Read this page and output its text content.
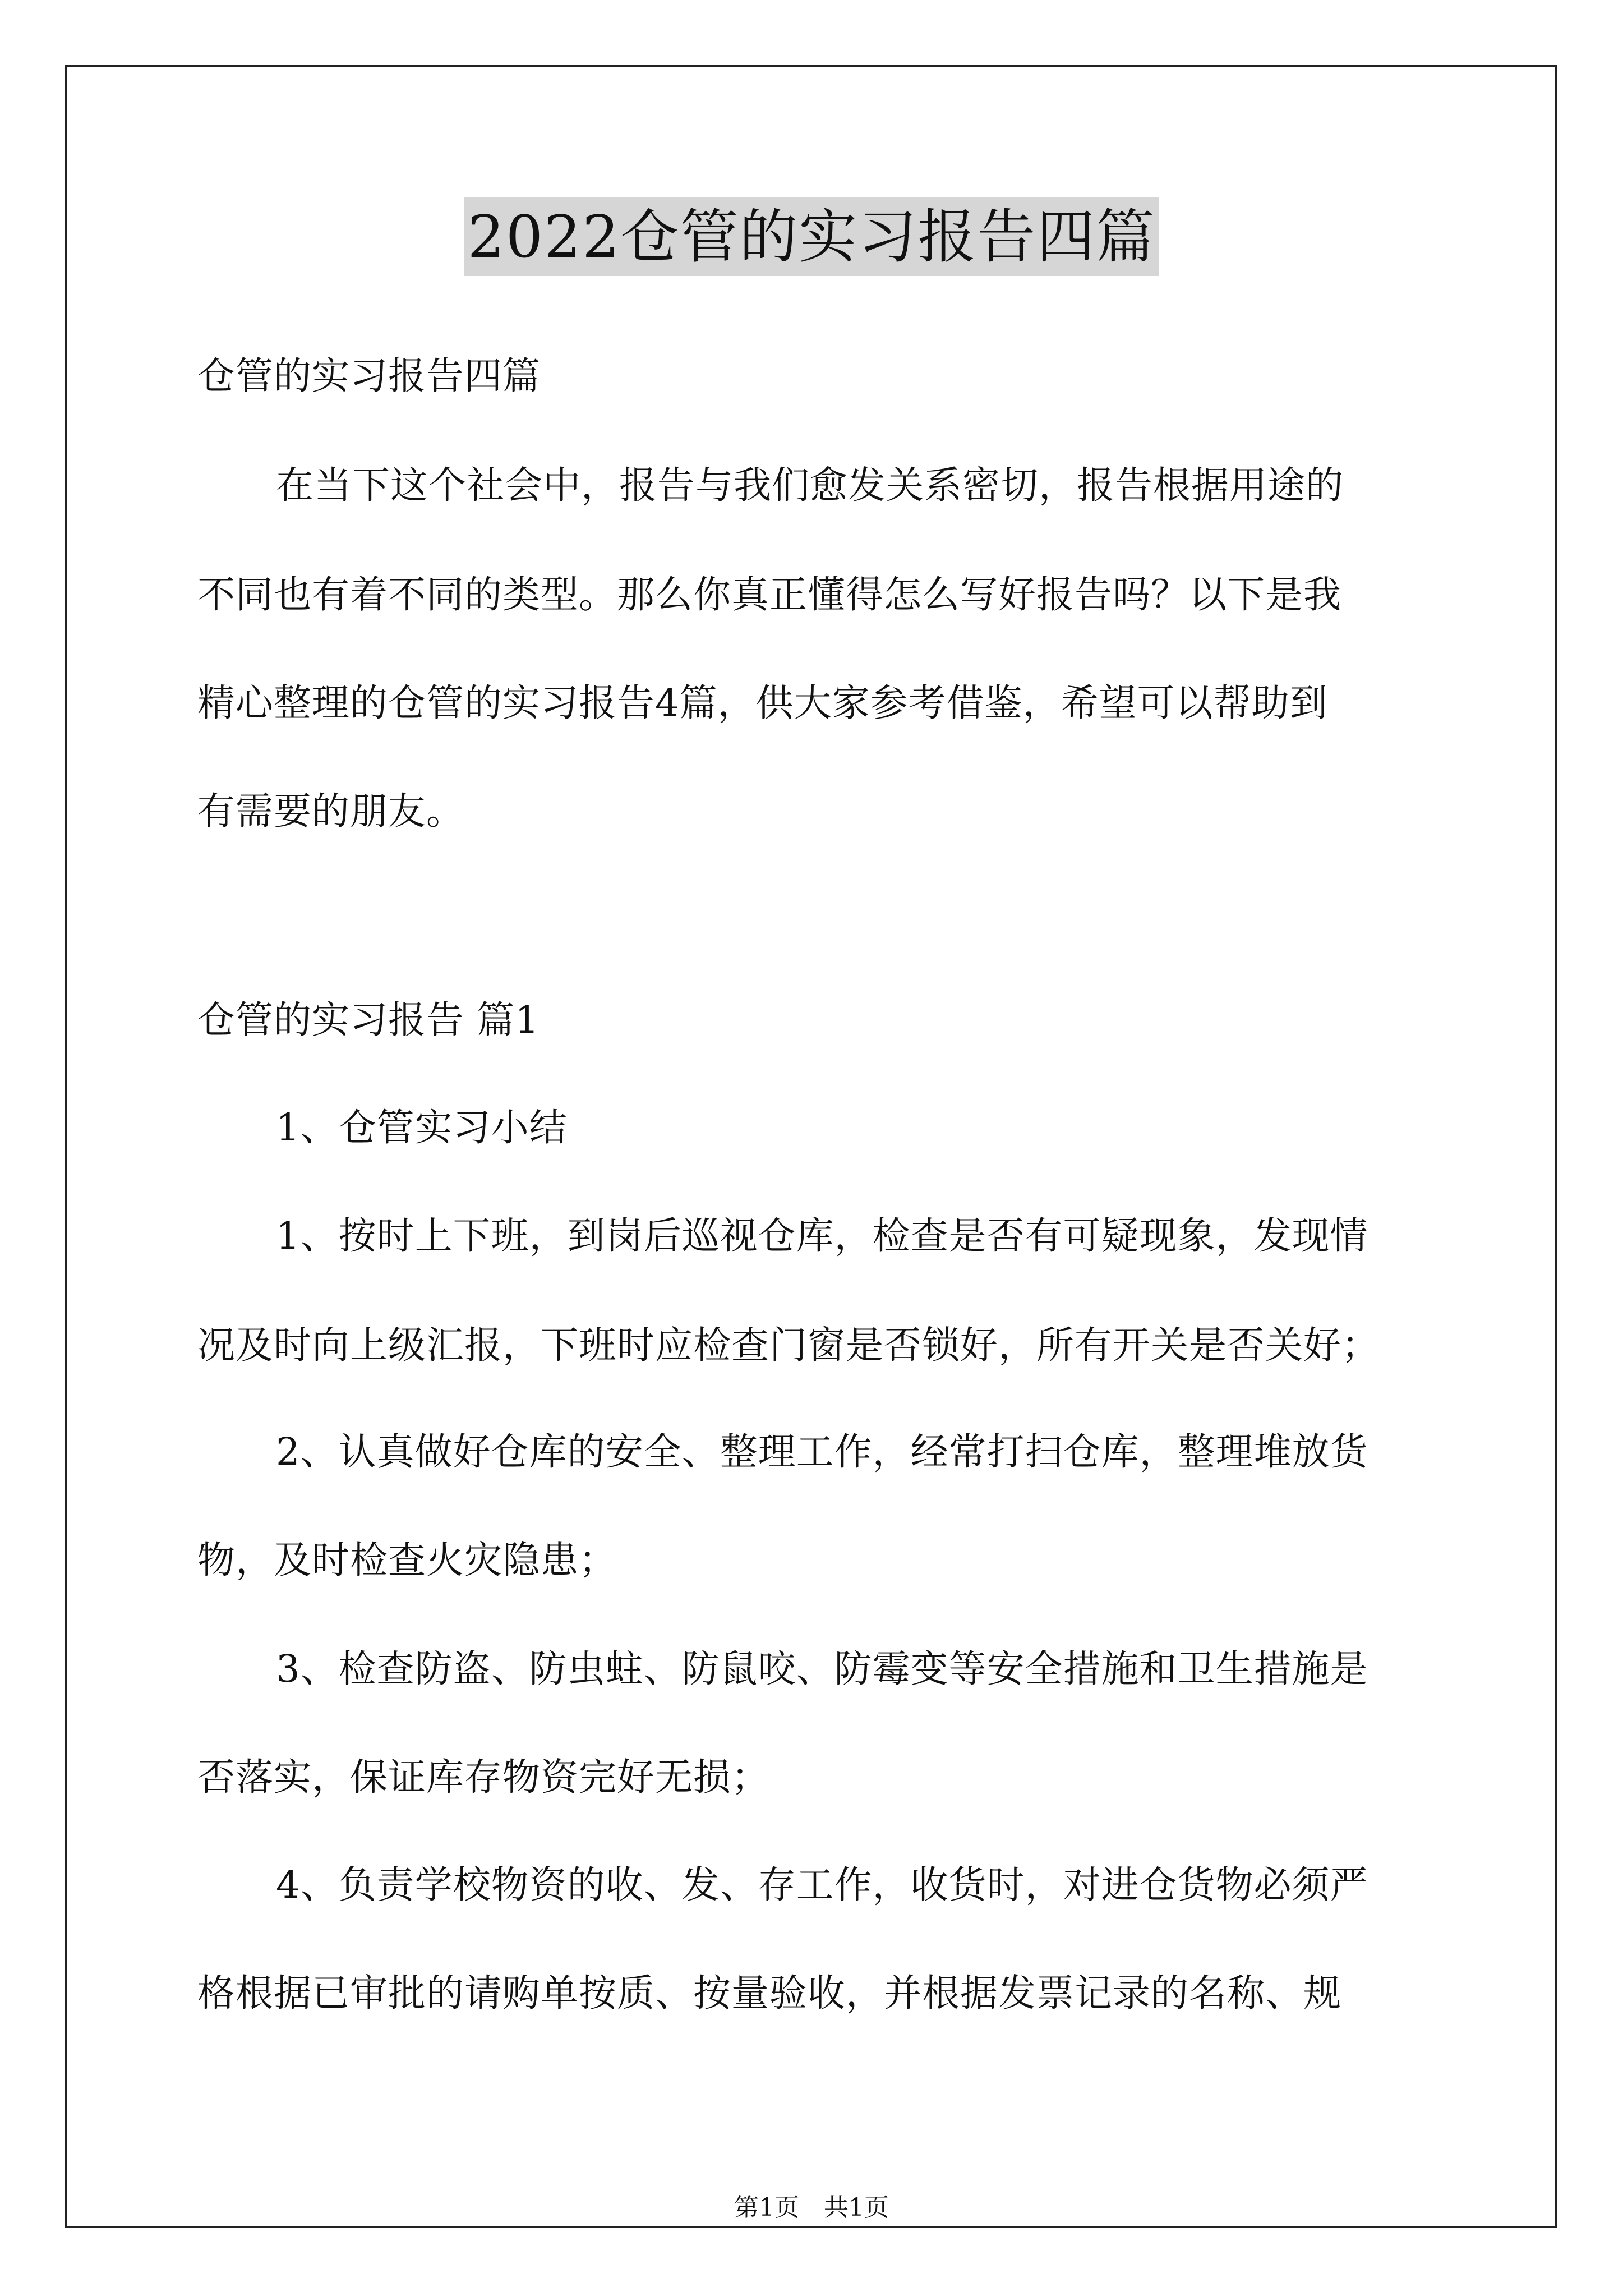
2022仓管的实习报告四篇
仓管的实习报告四篇
在当下这个社会中，报告与我们愈发关系密切，报告根据用途的
不同也有着不同的类型。那么你真正懂得怎么写好报告吗？以下是我
精心整理的仓管的实习报告4篇，供大家参考借鉴，希望可以帮助到
有需要的朋友。
仓管的实习报告 篇1
1、仓管实习小结
1、按时上下班，到岗后巡视仓库，检查是否有可疑现象，发现情
况及时向上级汇报，下班时应检查门窗是否锁好，所有开关是否关好；
2、认真做好仓库的安全、整理工作，经常打扫仓库，整理堆放货
物，及时检查火灾隐患；
3、检查防盗、防虫蛀、防鼠咬、防霉变等安全措施和卫生措施是
否落实，保证库存物资完好无损；
4、负责学校物资的收、发、存工作，收货时，对进仓货物必须严
格根据已审批的请购单按质、按量验收，并根据发票记录的名称、规
第1页　共1页
